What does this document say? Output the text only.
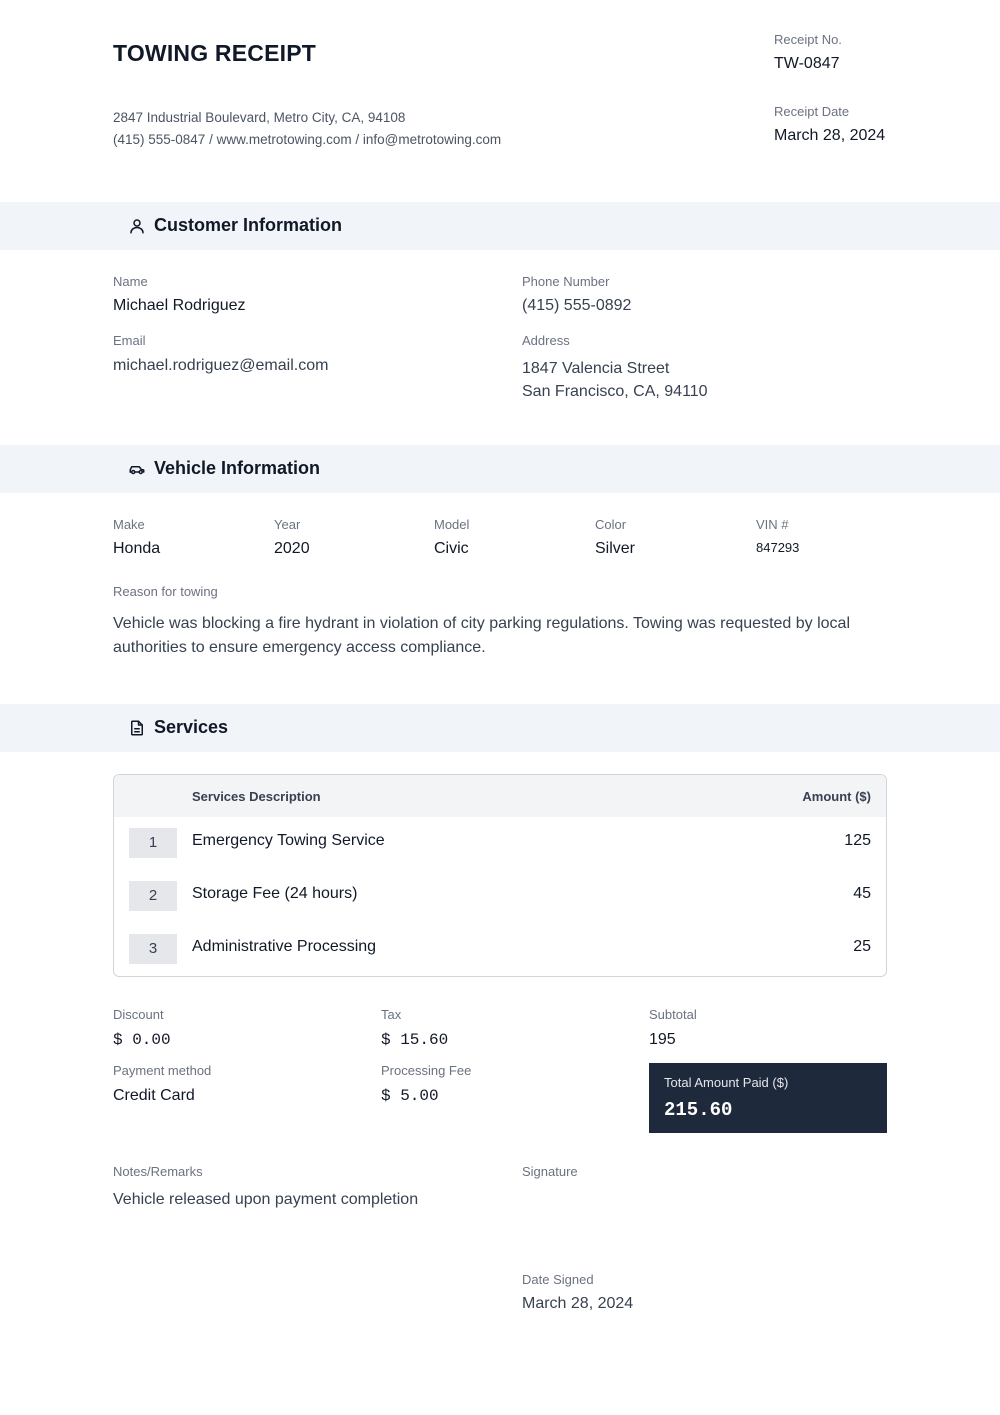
TOWING RECEIPT
2847 Industrial Boulevard, Metro City, CA, 94108
(415) 555-0847 / www.metrotowing.com / info@metrotowing.com
Receipt No.
TW-0847
Receipt Date
March 28, 2024
Customer Information
Name
Michael Rodriguez
Phone Number
(415) 555-0892
Email
michael.rodriguez@email.com
Address
1847 Valencia Street
San Francisco, CA, 94110
Vehicle Information
Make
Honda
Year
2020
Model
Civic
Color
Silver
VIN #
847293
Reason for towing
Vehicle was blocking a fire hydrant in violation of city parking regulations. Towing was requested by local
authorities to ensure emergency access compliance.
Services
Services Description	Amount ($)
1	Emergency Towing Service	125
2	Storage Fee (24 hours)	45
3	Administrative Processing	25
Discount
$ 0.00
Tax
$ 15.60
Subtotal
195
Payment method
Credit Card
Processing Fee
$ 5.00
Total Amount Paid ($)
215.60
Notes/Remarks
Vehicle released upon payment completion
Signature
Date Signed
March 28, 2024
